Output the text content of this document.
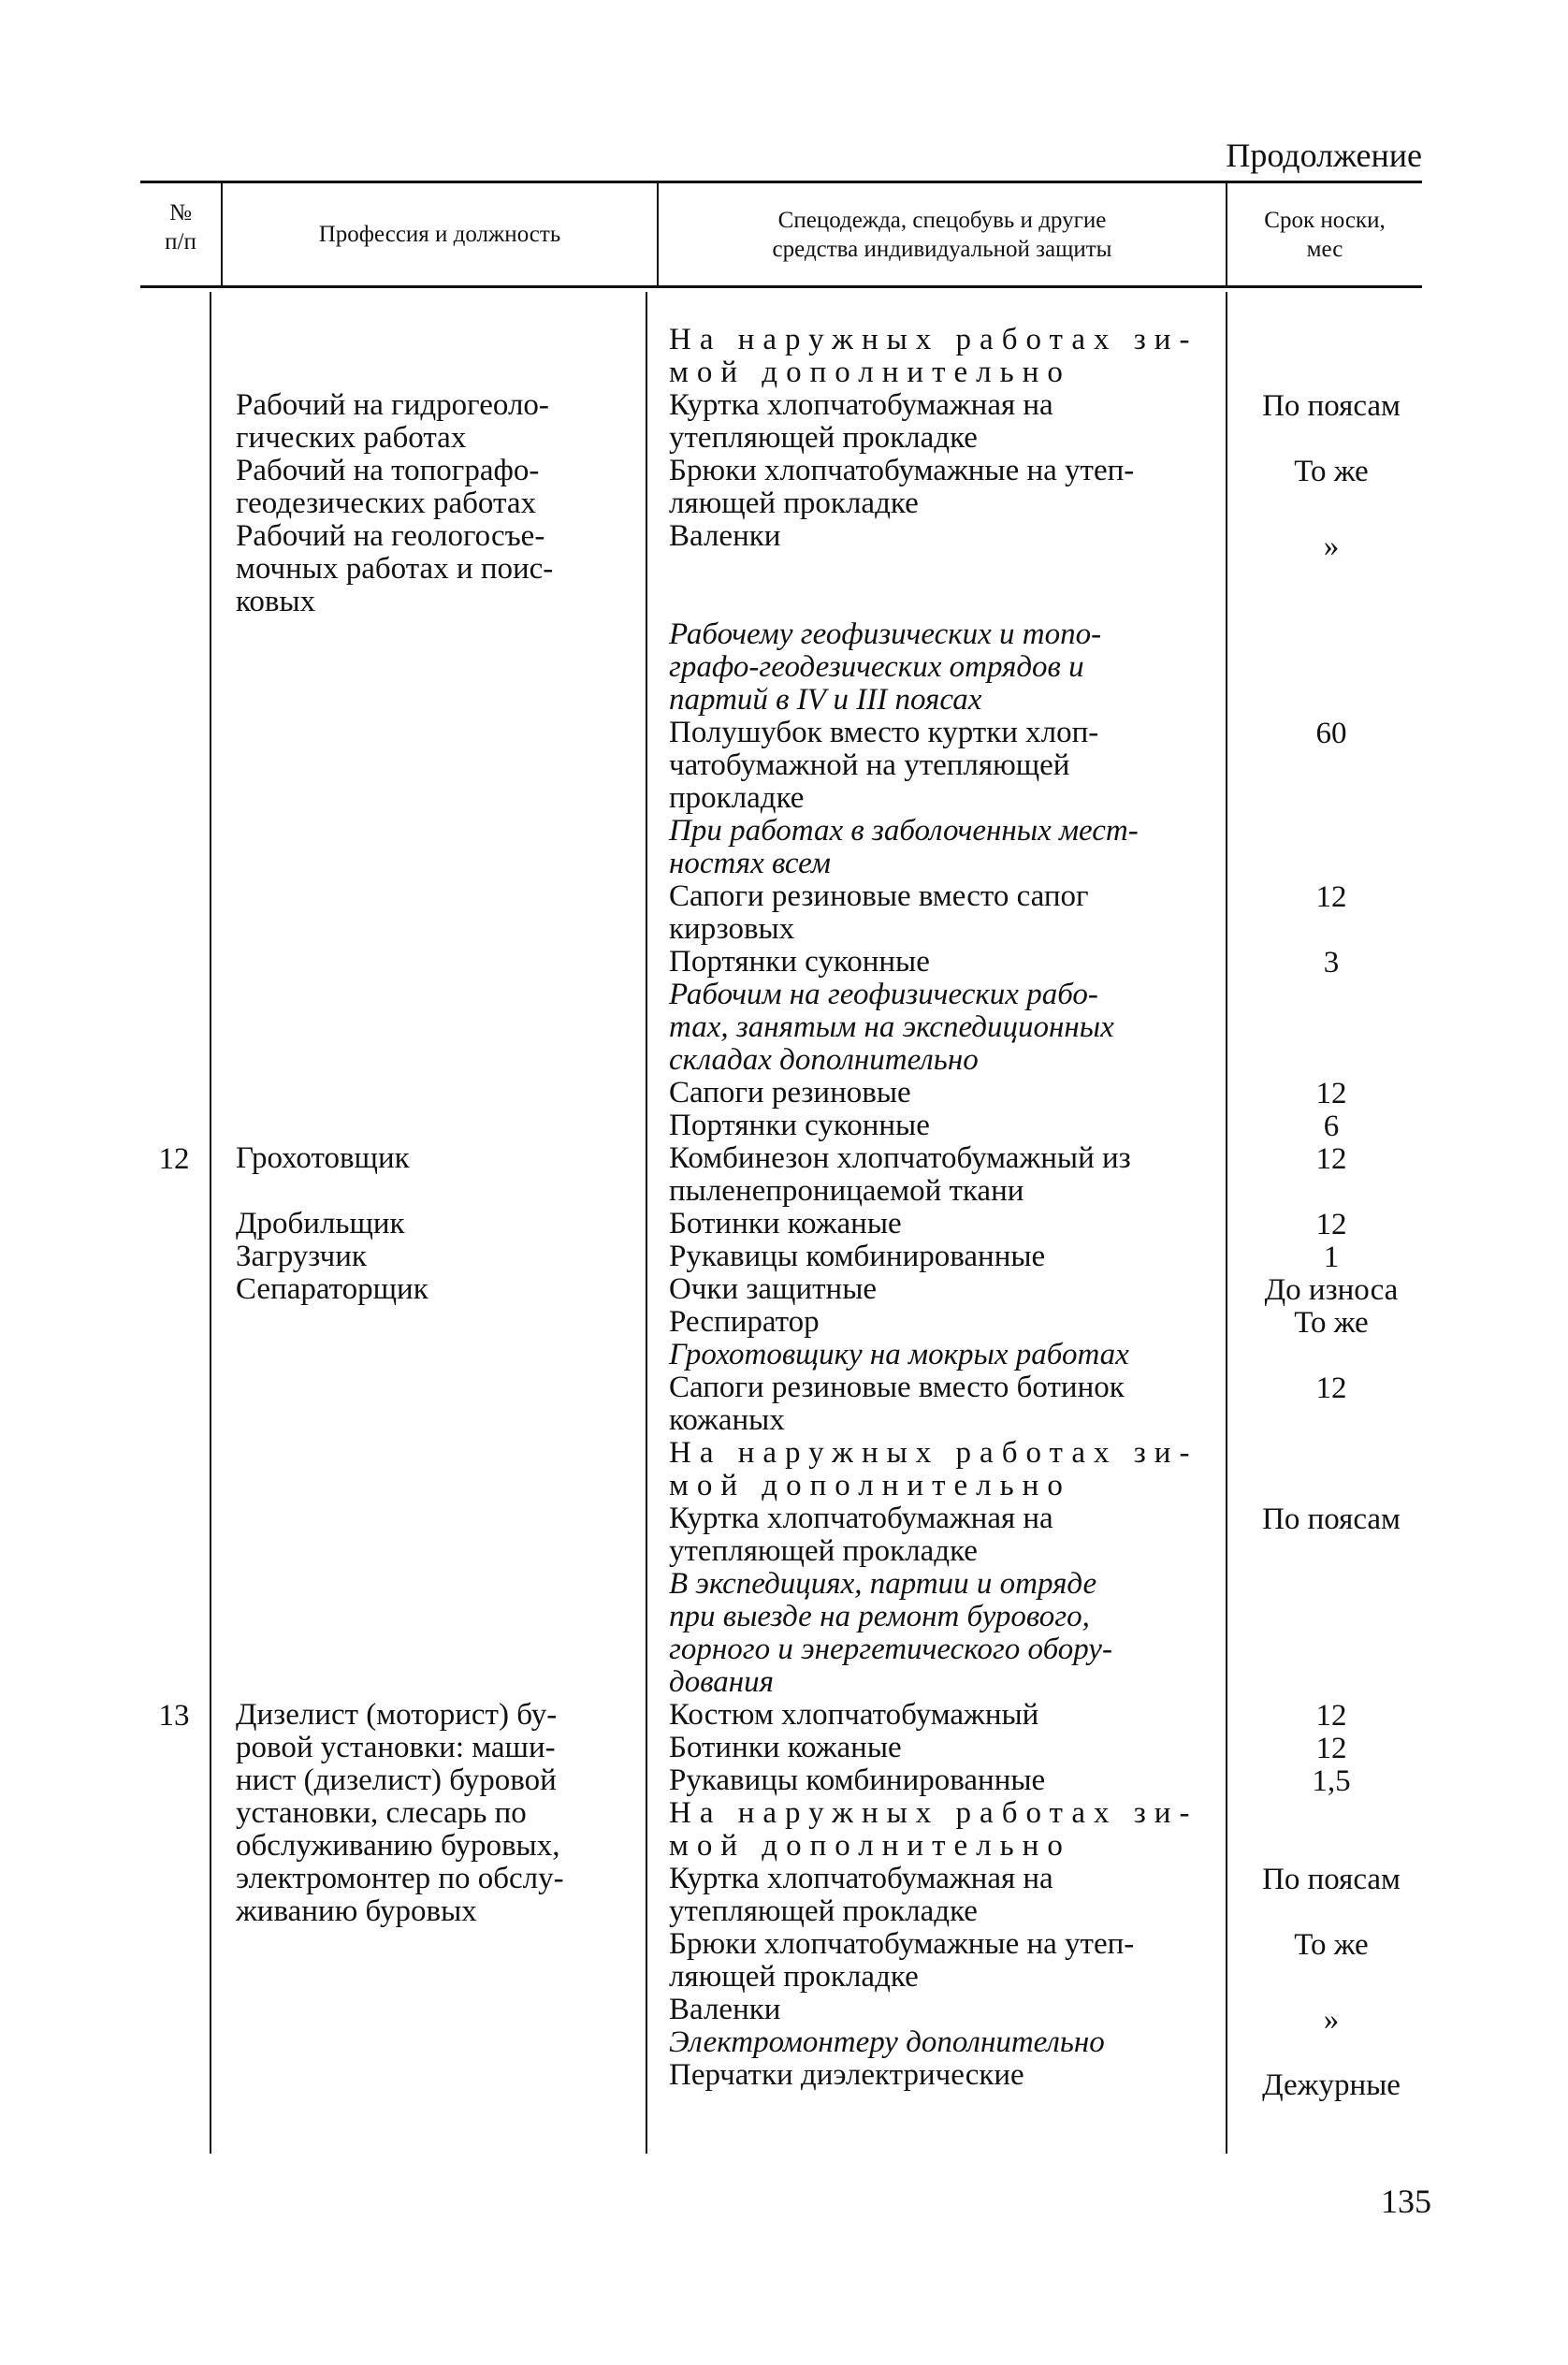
Продолжение
№
п/п	Профессия и должность
Спецодежда, спецобувь и другие
средства индивидуальной защиты
Срок носки,
мес
12
13
Рабочий на гидрогеоло-
гических работах
Рабочий на топографо-
геодезических работах
Рабочий на геологосъе-
мочных работах и поис-
ковых
Грохотовщик
Дробильщик
Загрузчик
Сепараторщик
Дизелист (моторист) бу-
ровой установки: маши-
нист (дизелист) буровой
установки, слесарь по
обслуживанию буровых,
электромонтер по обслу-
живанию буровых
На наружных работах зи-
мой дополнительно
Куртка хлопчатобумажная на
утепляющей прокладке
Брюки хлопчатобумажные на утеп-
ляющей прокладке
Валенки
Рабочему геофизических и топо-
графо-геодезических отрядов и
партий в IV и III поясах
Полушубок вместо куртки хлоп-
чатобумажной на утепляющей
прокладке
При работах в заболоченных мест-
ностях всем
Сапоги резиновые вместо сапог
кирзовых
Портянки суконные
Рабочим на геофизических рабо-
тах, занятым на экспедиционных
складах дополнительно
Сапоги резиновые
Портянки суконные
Комбинезон хлопчатобумажный из
пыленепроницаемой ткани
Ботинки кожаные
Рукавицы комбинированные
Очки защитные
Респиратор
Грохотовщику на мокрых работах
Сапоги резиновые вместо ботинок
кожаных
На наружных работах зи-
мой дополнительно
Куртка хлопчатобумажная на
утепляющей прокладке
В экспедициях, партии и отряде
при выезде на ремонт бурового,
горного и энергетического обору-
дования
Костюм хлопчатобумажный
Ботинки кожаные
Рукавицы комбинированные
На наружных работах зи-
мой дополнительно
Куртка хлопчатобумажная на
утепляющей прокладке
Брюки хлопчатобумажные на утеп-
ляющей прокладке
Валенки
Электромонтеру дополнительно
Перчатки диэлектрические
По поясам
То же
»
60
12
3
12
6
12
12
1
До износа
То же
12
По поясам
12
12
1,5
По поясам
То же
»
Дежурные
135
